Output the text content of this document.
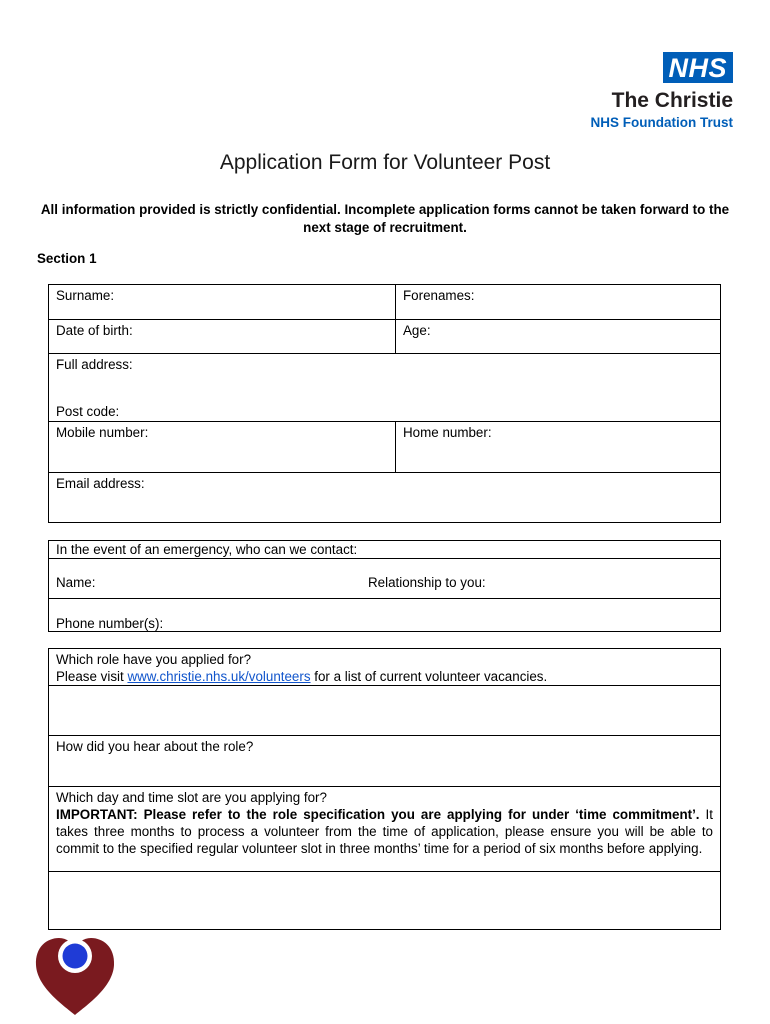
NHS
The Christie
NHS Foundation Trust
Application Form for Volunteer Post
All information provided is strictly confidential. Incomplete application forms cannot be taken forward to the next stage of recruitment.
Section 1
Surname:	Forenames:
Date of birth:	Age:
Full address:
Post code:
Mobile number:	Home number:
Email address:
In the event of an emergency, who can we contact:
Name:	Relationship to you:
Phone number(s):
Which role have you applied for?
Please visit www.christie.nhs.uk/volunteers for a list of current volunteer vacancies.
How did you hear about the role?
Which day and time slot are you applying for?
IMPORTANT: Please refer to the role specification you are applying for under ‘time commitment’. It takes three months to process a volunteer from the time of application, please ensure you will be able to commit to the specified regular volunteer slot in three months’ time for a period of six months before applying.
